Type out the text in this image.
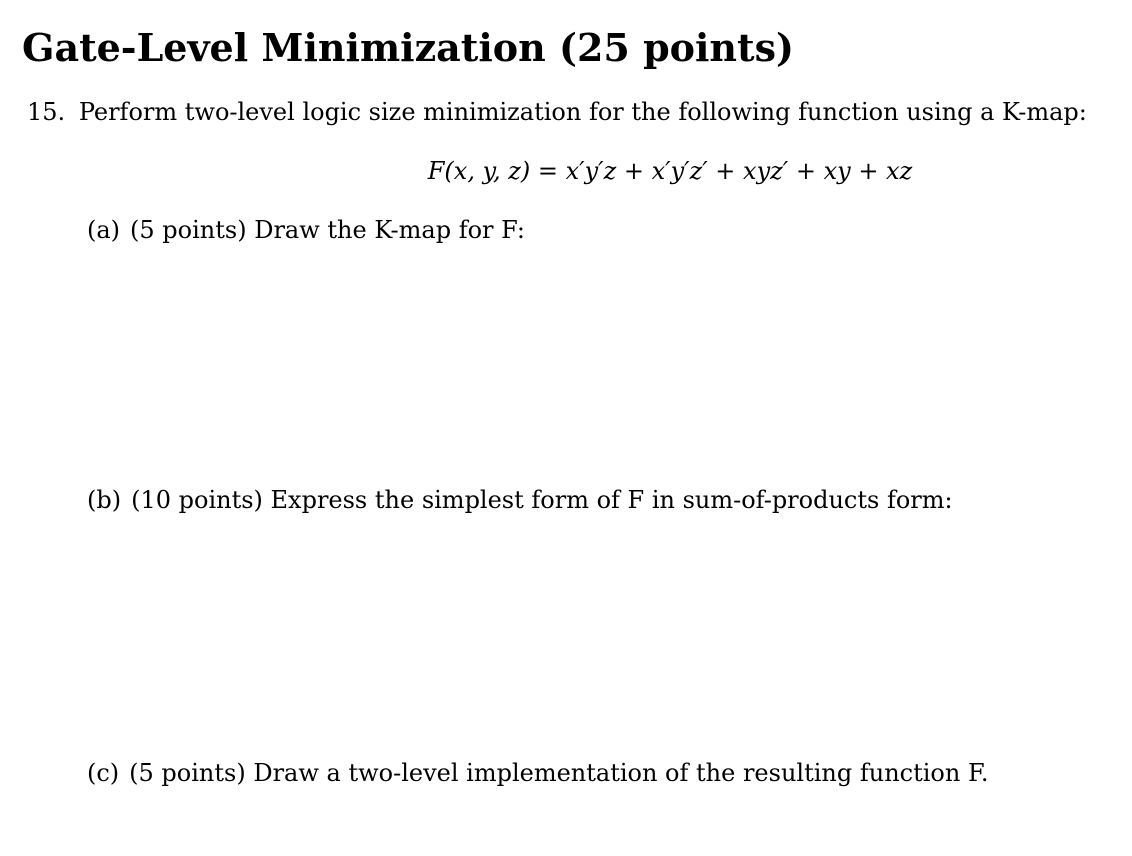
Gate-Level Minimization (25 points)
15. Perform two-level logic size minimization for the following function using a K-map:
F(x, y, z) = x′y′z + x′y′z′ + xyz′ + xy + xz
(a) (5 points) Draw the K-map for F:
(b) (10 points) Express the simplest form of F in sum-of-products form:
(c) (5 points) Draw a two-level implementation of the resulting function F.
